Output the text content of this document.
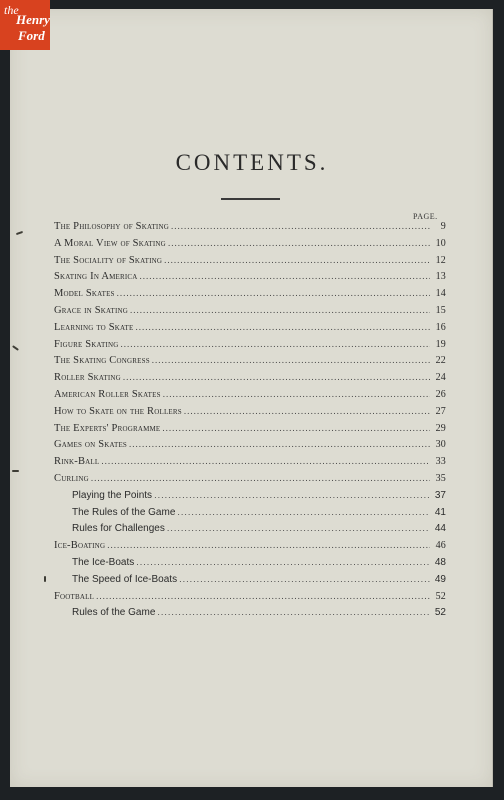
the
Henry
Ford
CONTENTS.
PAGE.
The Philosophy of Skating .....	9
A Moral View of Skating .....	10
The Sociality of Skating .....	12
Skating In America .....	13
Model Skates .....	14
Grace in Skating .....	15
Learning to Skate .....	16
Figure Skating .....	19
The Skating Congress .....	22
Roller Skating .....	24
American Roller Skates .....	26
How to Skate on the Rollers .....	27
The Experts' Programme .....	29
Games on Skates .....	30
Rink-Ball .....	33
Curling .....	35
Playing the Points .....	37
The Rules of the Game .....	41
Rules for Challenges .....	44
Ice-Boating .....	46
The Ice-Boats .....	48
The Speed of Ice-Boats .....	49
Football .....	52
Rules of the Game .....	52
